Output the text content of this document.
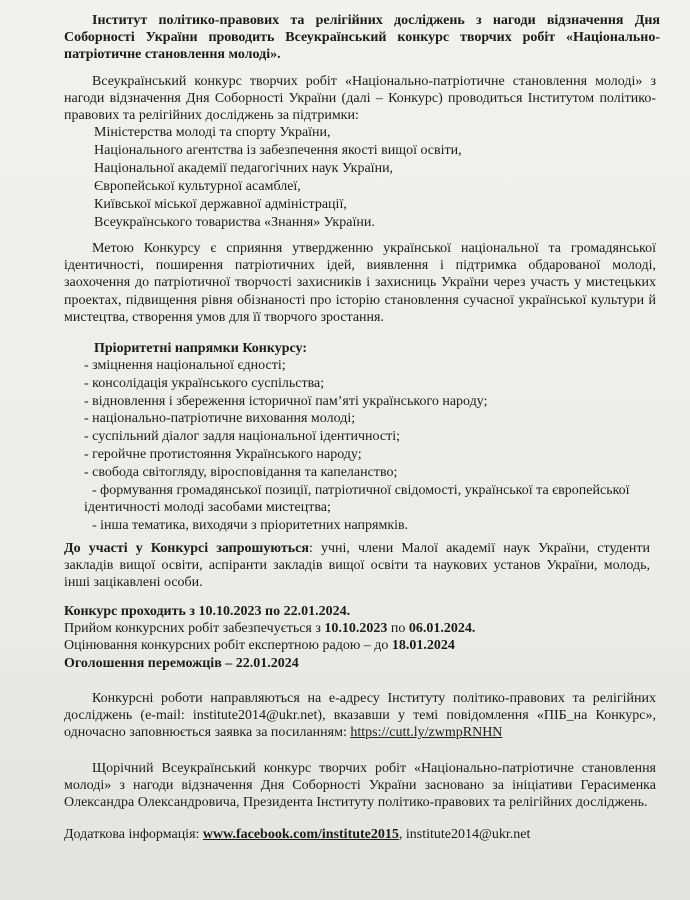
Інститут політико-правових та релігійних досліджень з нагоди відзначення Дня Соборності України проводить Всеукраїнський конкурс творчих робіт «Національно-патріотичне становлення молоді».

Всеукраїнський конкурс творчих робіт «Національно-патріотичне становлення молоді» з нагоди відзначення Дня Соборності України (далі – Конкурс) проводиться Інститутом політико-правових та релігійних досліджень за підтримки:

Міністерства молоді та спорту України,
Національного агентства із забезпечення якості вищої освіти,
Національної академії педагогічних наук України,
Європейської культурної асамблеї,
Київської міської державної адміністрації,
Всеукраїнського товариства «Знання» України.

Метою Конкурсу є сприяння утвердженню української національної та громадянської ідентичності, поширення патріотичних ідей, виявлення і підтримка обдарованої молоді, заохочення до патріотичної творчості захисників і захисниць України через участь у мистецьких проектах, підвищення рівня обізнаності про історію становлення сучасної української культури й мистецтва, створення умов для її творчого зростання.

Пріоритетні напрямки Конкурсу:

- зміцнення національної єдності;
- консолідація українського суспільства;
- відновлення і збереження історичної пам’яті українського народу;
- національно-патріотичне виховання молоді;
- суспільний діалог задля національної ідентичності;
- геройчне протистояння Українського народу;
- свобода світогляду, віросповідання та капеланство;
- формування громадянської позиції, патріотичної свідомості, української та європейської ідентичності молоді засобами мистецтва;
- інша тематика, виходячи з пріоритетних напрямків.

До участі у Конкурсі запрошуються: учні, члени Малої академії наук України, студенти закладів вищої освіти, аспіранти закладів вищої освіти та наукових установ України, молодь, інші зацікавлені особи.

Конкурс проходить з 10.10.2023 по 22.01.2024.
Прийом конкурсних робіт забезпечується з 10.10.2023 по 06.01.2024.
Оцінювання конкурсних робіт експертною радою – до 18.01.2024
Оголошення переможців – 22.01.2024

Конкурсні роботи направляються на e-адресу Інституту політико-правових та релігійних досліджень (e-mail: institute2014@ukr.net), вказавши у темі повідомлення «ПІБ_на Конкурс», одночасно заповнюється заявка за посиланням: https://cutt.ly/zwmpRNHN

Щорічний Всеукраїнський конкурс творчих робіт «Національно-патріотичне становлення молоді» з нагоди відзначення Дня Соборності України засновано за ініціативи Герасименка Олександра Олександровича, Президента Інституту політико-правових та релігійних досліджень.

Додаткова інформація: www.facebook.com/institute2015, institute2014@ukr.net
